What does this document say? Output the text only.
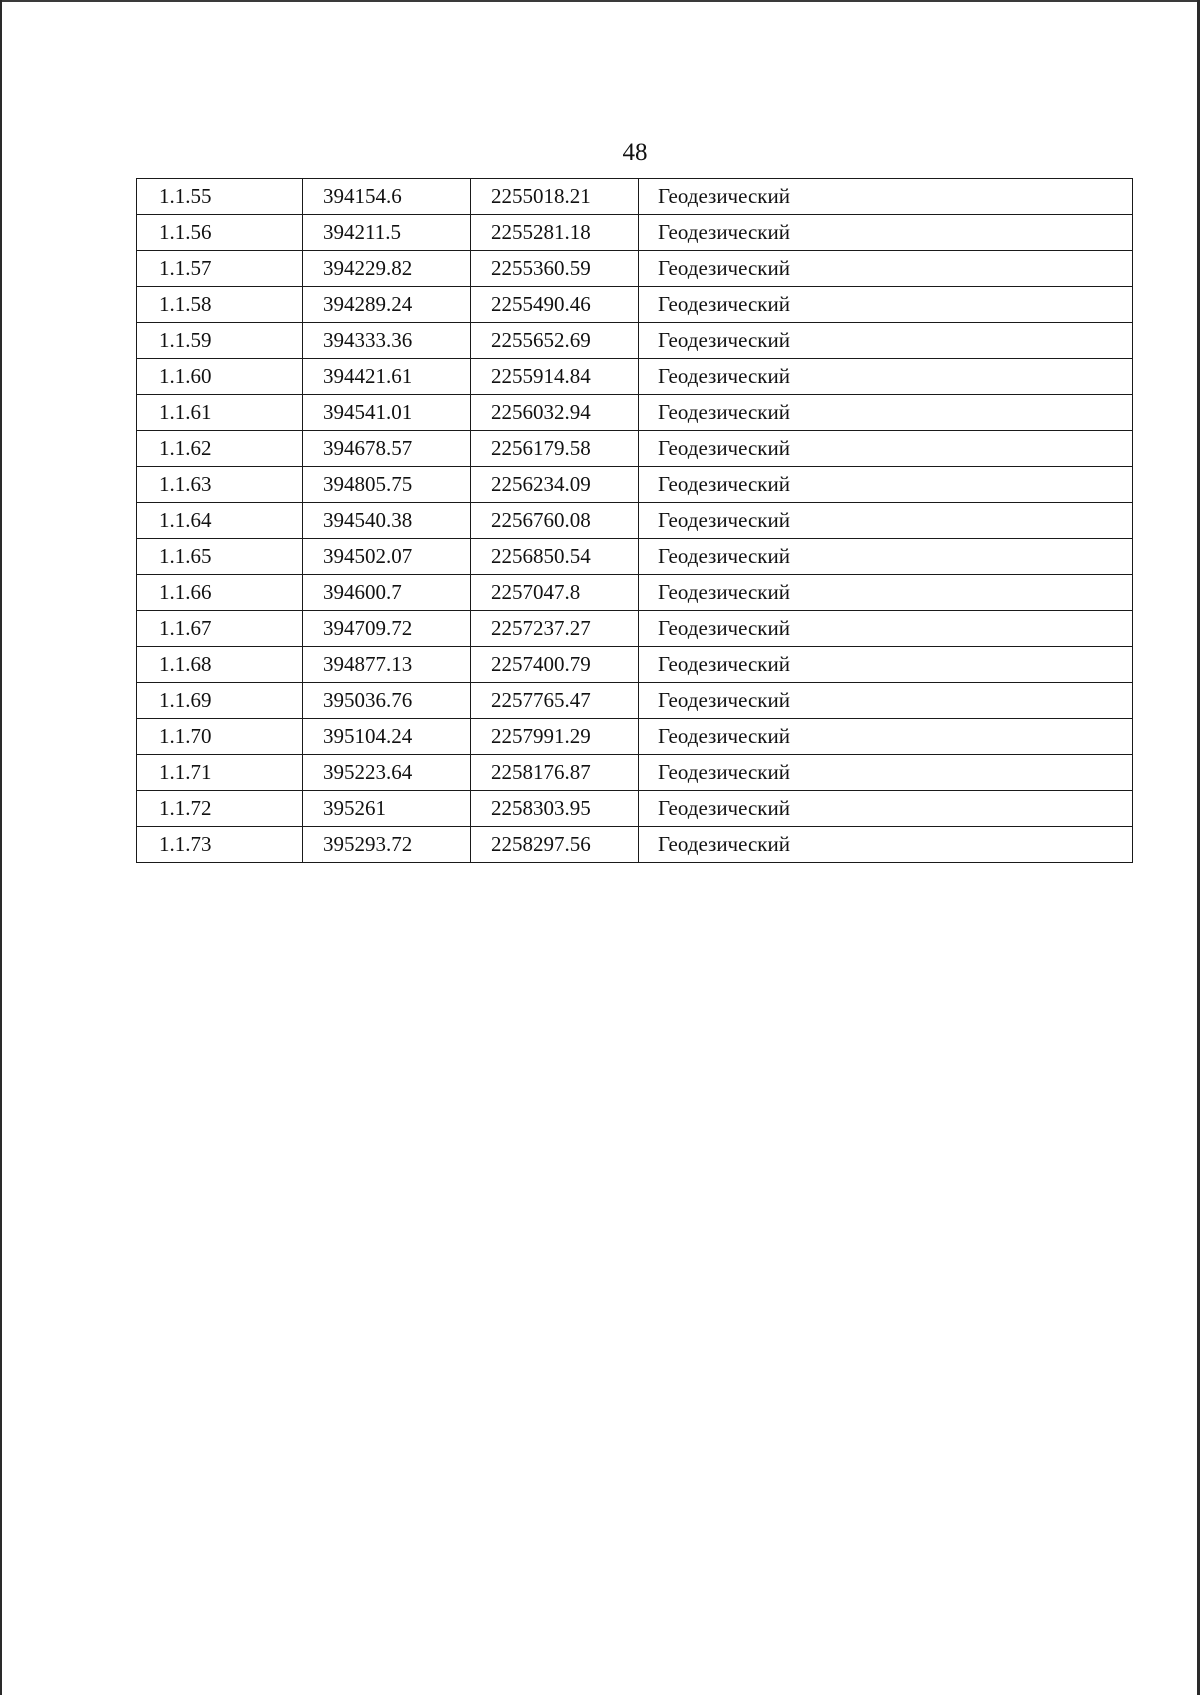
48
1.1.55	394154.6	2255018.21	Геодезический
1.1.56	394211.5	2255281.18	Геодезический
1.1.57	394229.82	2255360.59	Геодезический
1.1.58	394289.24	2255490.46	Геодезический
1.1.59	394333.36	2255652.69	Геодезический
1.1.60	394421.61	2255914.84	Геодезический
1.1.61	394541.01	2256032.94	Геодезический
1.1.62	394678.57	2256179.58	Геодезический
1.1.63	394805.75	2256234.09	Геодезический
1.1.64	394540.38	2256760.08	Геодезический
1.1.65	394502.07	2256850.54	Геодезический
1.1.66	394600.7	2257047.8	Геодезический
1.1.67	394709.72	2257237.27	Геодезический
1.1.68	394877.13	2257400.79	Геодезический
1.1.69	395036.76	2257765.47	Геодезический
1.1.70	395104.24	2257991.29	Геодезический
1.1.71	395223.64	2258176.87	Геодезический
1.1.72	395261	2258303.95	Геодезический
1.1.73	395293.72	2258297.56	Геодезический
